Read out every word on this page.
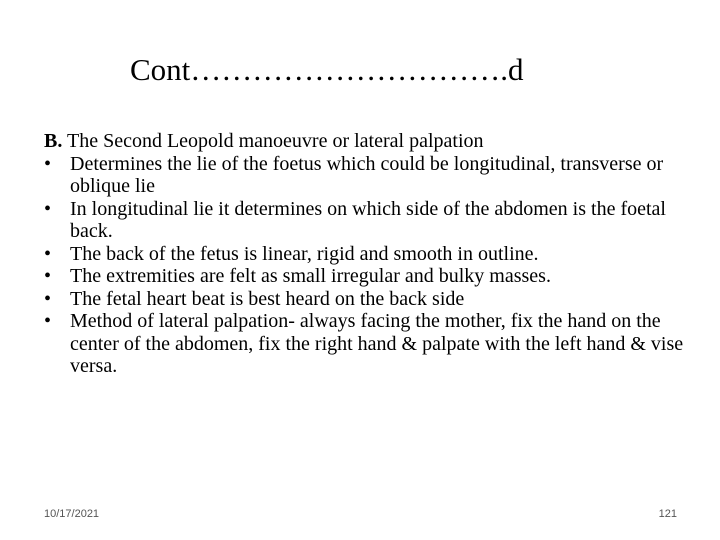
Cont………………………….d

B. The Second Leopold manoeuvre or lateral palpation

• Determines the lie of the foetus which could be longitudinal, transverse or oblique lie
• In longitudinal lie it determines on which side of the abdomen is the foetal back.
• The back of the fetus is linear, rigid and smooth in outline.
• The extremities are felt as small irregular and bulky masses.
• The fetal heart beat is best heard on the back side
• Method of lateral palpation- always facing the mother, fix the hand on the center of the abdomen, fix the right hand & palpate with the left hand & vise versa.
10/17/2021	121
